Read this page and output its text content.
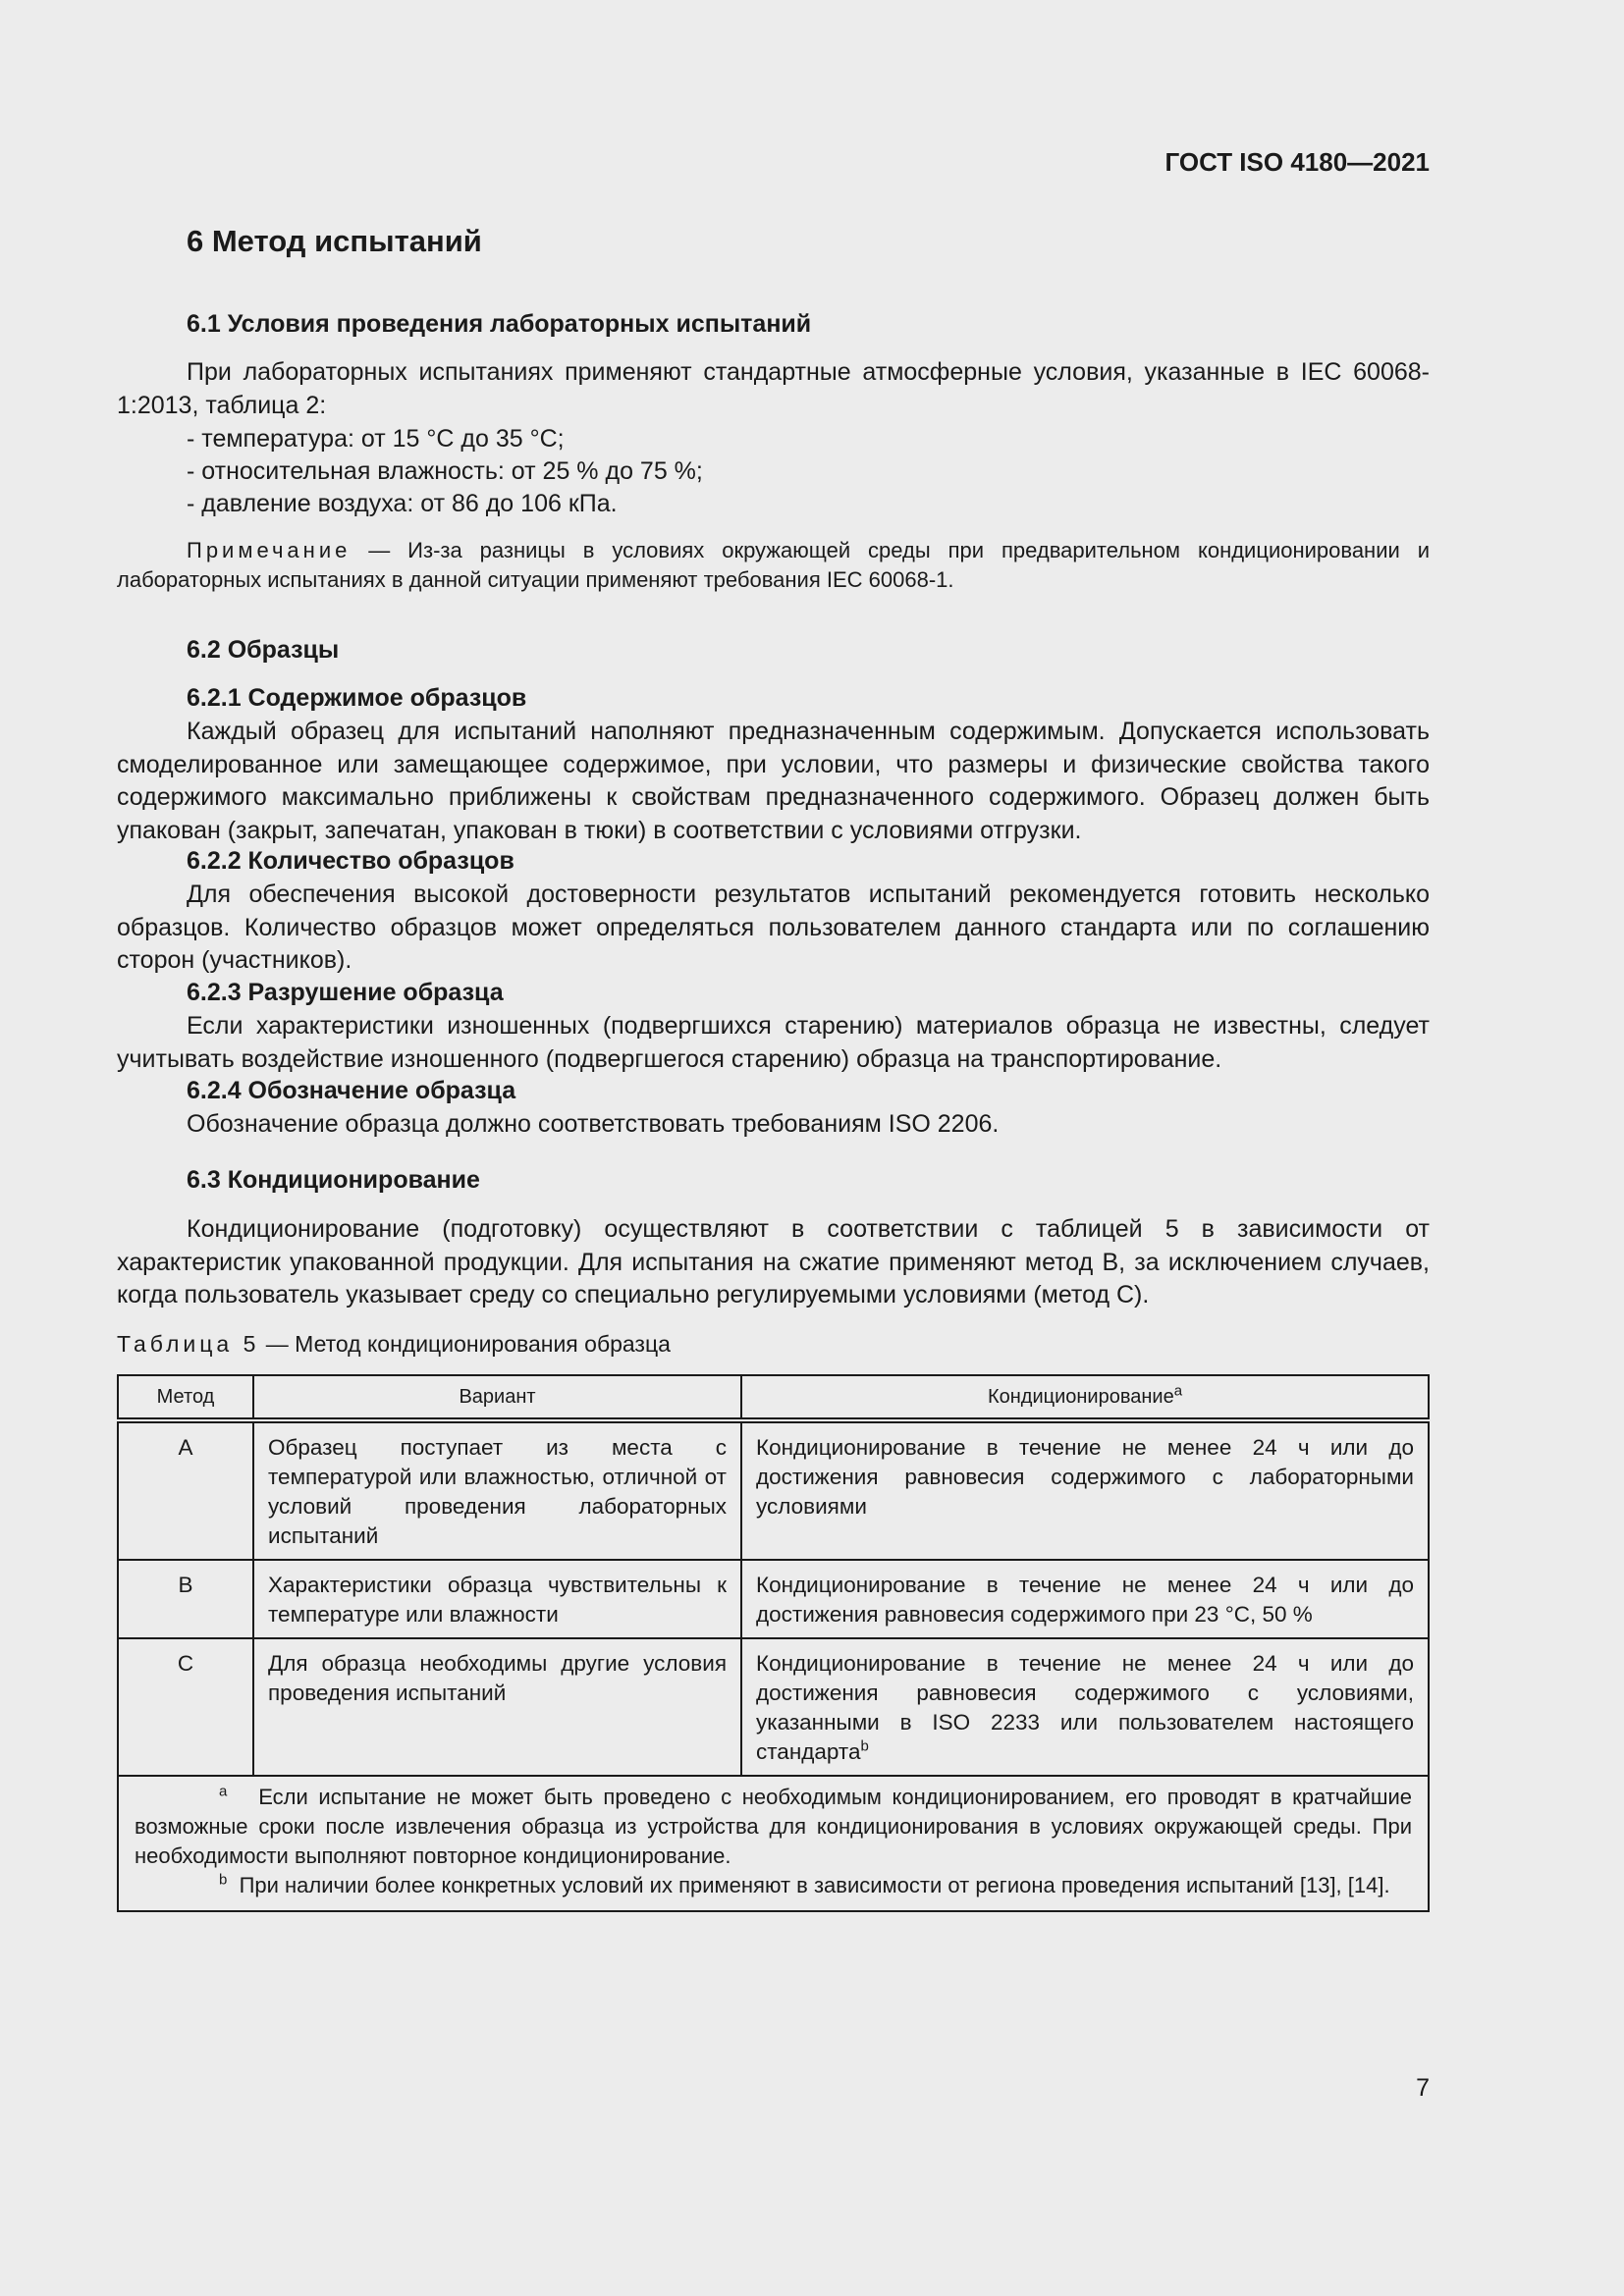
ГОСТ ISO 4180—2021
6 Метод испытаний
6.1 Условия проведения лабораторных испытаний
При лабораторных испытаниях применяют стандартные атмосферные условия, указанные в IEC 60068-1:2013, таблица 2:
- температура: от 15 °С до 35 °С;
- относительная влажность: от 25 % до 75 %;
- давление воздуха: от 86 до 106 кПа.
Примечание — Из-за разницы в условиях окружающей среды при предварительном кондиционировании и лабораторных испытаниях в данной ситуации применяют требования IEC 60068-1.
6.2 Образцы
6.2.1 Содержимое образцов
Каждый образец для испытаний наполняют предназначенным содержимым. Допускается использовать смоделированное или замещающее содержимое, при условии, что размеры и физические свойства такого содержимого максимально приближены к свойствам предназначенного содержимого. Образец должен быть упакован (закрыт, запечатан, упакован в тюки) в соответствии с условиями отгрузки.
6.2.2 Количество образцов
Для обеспечения высокой достоверности результатов испытаний рекомендуется готовить несколько образцов. Количество образцов может определяться пользователем данного стандарта или по соглашению сторон (участников).
6.2.3 Разрушение образца
Если характеристики изношенных (подвергшихся старению) материалов образца не известны, следует учитывать воздействие изношенного (подвергшегося старению) образца на транспортирование.
6.2.4 Обозначение образца
Обозначение образца должно соответствовать требованиям ISO 2206.
6.3 Кондиционирование
Кондиционирование (подготовку) осуществляют в соответствии с таблицей 5 в зависимости от характеристик упакованной продукции. Для испытания на сжатие применяют метод В, за исключением случаев, когда пользователь указывает среду со специально регулируемыми условиями (метод С).
Таблица 5 — Метод кондиционирования образца
Метод	Вариант	Кондиционирование$^a$
А	Образец поступает из места с температурой или влажностью, отличной от условий проведения лабораторных испытаний	Кондиционирование в течение не менее 24 ч или до достижения равновесия содержимого с лабораторными условиями
В	Характеристики образца чувствительны к температуре или влажности	Кондиционирование в течение не менее 24 ч или до достижения равновесия содержимого при 23 °С, 50 %
С	Для образца необходимы другие условия проведения испытаний	Кондиционирование в течение не менее 24 ч или до достижения равновесия содержимого с условиями, указанными в ISO 2233 или пользователем настоящего стандарта$^b$

$^a$ Если испытание не может быть проведено с необходимым кондиционированием, его проводят в кратчайшие возможные сроки после извлечения образца из устройства для кондиционирования в условиях окружающей среды. При необходимости выполняют повторное кондиционирование.
$^b$ При наличии более конкретных условий их применяют в зависимости от региона проведения испытаний [13], [14].		
7
